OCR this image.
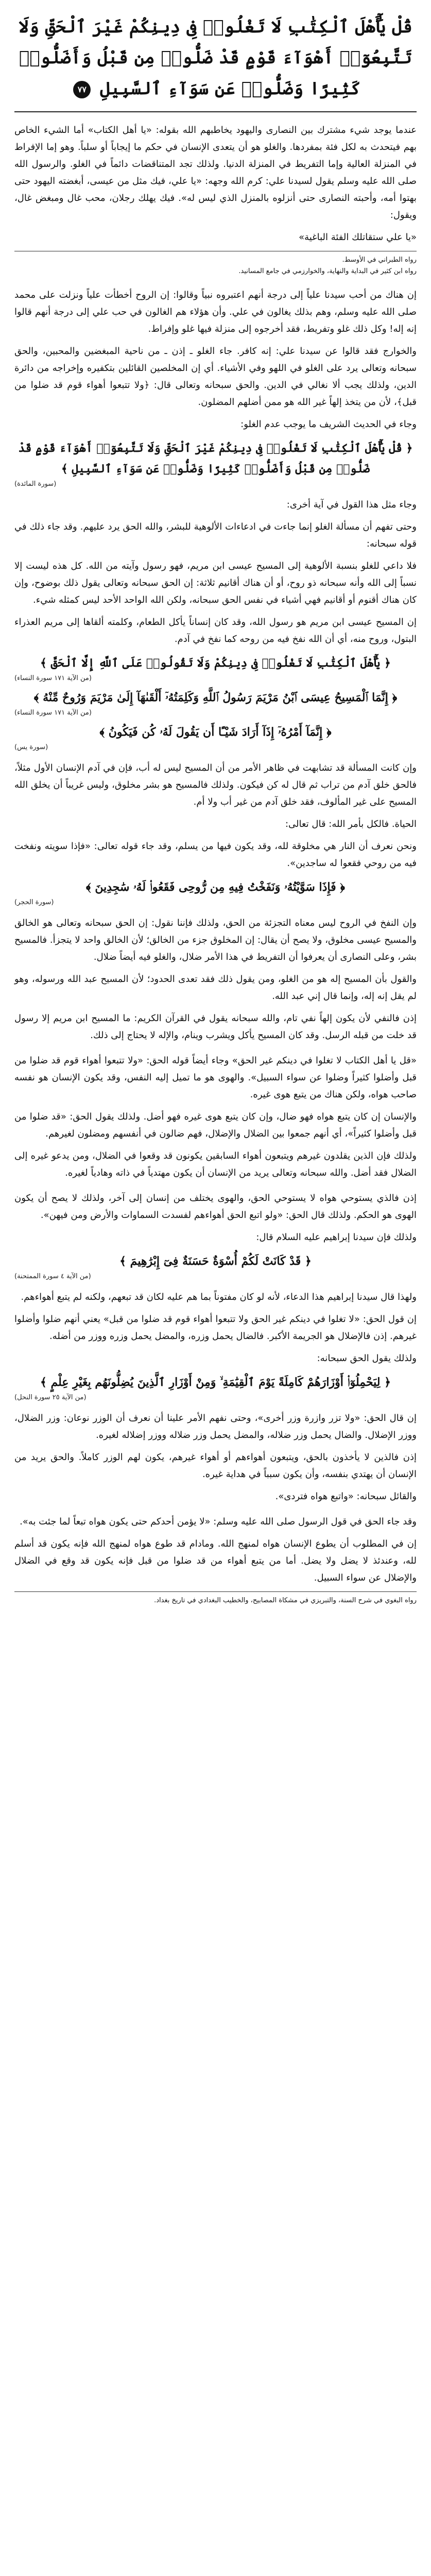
قُلْ يَٰٓأَهْلَ ٱلْكِتَٰبِ لَا تَغْلُوا۟ فِى دِينِكُمْ غَيْرَ ٱلْحَقِّ وَلَا تَتَّبِعُوٓا۟ أَهْوَآءَ قَوْمٍ قَدْ ضَلُّوا۟ مِن قَبْلُ وَأَضَلُّوا۟ كَثِيرًا وَضَلُّوا۟ عَن سَوَآءِ ٱلسَّبِيلِ ٧٧

عندما يوجد شيء مشترك بين النصارى واليهود يخاطبهم الله بقوله: «يا أهل الكتاب» أما الشيء الخاص بهم فيتحدث به لكل فئة بمفردها. والغلو هو أن يتعدى الإنسان في حكم ما إيجاباً أو سلباً. وهو إما الإفراط في المنزلة العالية وإما التفريط في المنزلة الدنيا. ولذلك تجد المتناقضات دائماً في الغلو. والرسول الله صلى الله عليه وسلم يقول لسيدنا علي: كرم الله وجهه: «يا علي، فيك مثل من عيسى، أبغضته اليهود حتى بهتوا أمه، وأحبته النصارى حتى أنزلوه بالمنزل الذي ليس له». فيك يهلك رجلان، محب غال ومبغض غال، ويقول:

«يا علي ستقاتلك الفئة الباغية»

رواه الطبراني في الأوسط.
رواه ابن كثير في البداية والنهاية، والخوارزمي في جامع المسانيد.

إن هناك من أحب سيدنا علياً إلى درجة أنهم اعتبروه نبياً وقالوا: إن الروح أخطأت علياً ونزلت على محمد صلى الله عليه وسلم، وهم بذلك يغالون في علي. وأن هؤلاء هم الغالون في حب علي إلى درجة أنهم قالوا إنه إله! وكل ذلك غلو وتفريط، فقد أخرجوه إلى منزلة فيها غلو وإفراط.

والخوارج فقد قالوا عن سيدنا علي: إنه كافر. جاء الغلو ـ إذن ـ من ناحية المبغضين والمحبين، والحق سبحانه وتعالى يرد على الغلو في اللهو وفي الأشياء. أي إن المخلصين القائلين بتكفيره وإخراجه من دائرة الدين، ولذلك يجب ألا نغالي في الدين. والحق سبحانه وتعالى قال: ﴿ولا تتبعوا أهواء قوم قد ضلوا من قبل﴾، لأن من يتخذ إلهاً غير الله هو ممن أضلهم المضلون.

وجاء في الحديث الشريف ما يوجب عدم الغلو:

﴿ قُلْ يَٰٓأَهْلَ ٱلْكِتَٰبِ لَا تَغْلُوا۟ فِى دِينِكُمْ غَيْرَ ٱلْحَقِّ وَلَا تَتَّبِعُوٓا۟ أَهْوَآءَ قَوْمٍ قَدْ ضَلُّوا۟ مِن قَبْلُ وَأَضَلُّوا۟ كَثِيرًا وَضَلُّوا۟ عَن سَوَآءِ ٱلسَّبِيلِ ﴾
(سورة المائدة)

وجاء مثل هذا القول في آية أخرى:

وحتى تفهم أن مسألة الغلو إنما جاءت في ادعاءات الألوهية للبشر، والله الحق يرد عليهم. وقد جاء ذلك في قوله سبحانه:

فلا داعي للغلو بنسبة الألوهية إلى المسيح عيسى ابن مريم، فهو رسول وآيته من الله. كل هذه ليست إلا نسباً إلى الله وأنه سبحانه ذو روح، أو أن هناك أقانيم ثلاثة: إن الحق سبحانه وتعالى يقول ذلك بوضوح، وإن كان هناك أقنوم أو أقانيم فهي أشياء في نفس الحق سبحانه، ولكن الله الواحد الأحد ليس كمثله شيء.

إن المسيح عيسى ابن مريم هو رسول الله، وقد كان إنساناً يأكل الطعام، وكلمته ألقاها إلى مريم العذراء البتول، وروح منه، أي أن الله نفخ فيه من روحه كما نفخ في آدم.

﴿ يَٰٓأَهْلَ ٱلْكِتَٰبِ لَا تَغْلُوا۟ فِى دِينِكُمْ وَلَا تَقُولُوا۟ عَلَى ٱللَّهِ إِلَّا ٱلْحَقَّ ﴾
(من الآية ١٧١ سورة النساء)
﴿ إِنَّمَا ٱلْمَسِيحُ عِيسَى ٱبْنُ مَرْيَمَ رَسُولُ ٱللَّهِ وَكَلِمَتُهُۥٓ أَلْقَىٰهَآ إِلَىٰ مَرْيَمَ وَرُوحٌ مِّنْهُ ﴾
(من الآية ١٧١ سورة النساء)
﴿ إِنَّمَآ أَمْرُهُۥٓ إِذَآ أَرَادَ شَيْـًٔا أَن يَقُولَ لَهُۥ كُن فَيَكُونُ ﴾
(سورة يس)

وإن كانت المسألة قد تشابهت في ظاهر الأمر من أن المسيح ليس له أب، فإن في آدم الإنسان الأول مثلاً، فالحق خلق آدم من تراب ثم قال له كن فيكون. ولذلك فالمسيح هو بشر مخلوق، وليس غريباً أن يخلق الله المسيح على غير المألوف، فقد خلق آدم من غير أب ولا أم.

الحياة. فالكل بأمر الله: قال تعالى:

ونحن نعرف أن النار هي مخلوقة لله، وقد يكون فيها من يسلم، وقد جاء قوله تعالى: «فإذا سويته ونفخت فيه من روحي فقعوا له ساجدين».

﴿ فَإِذَا سَوَّيْتُهُۥ وَنَفَخْتُ فِيهِ مِن رُّوحِى فَقَعُوا۟ لَهُۥ سَٰجِدِينَ ﴾
(سورة الحجر)

وإن النفخ في الروح ليس معناه التجزئة من الحق، ولذلك فإننا نقول: إن الحق سبحانه وتعالى هو الخالق والمسيح عيسى مخلوق، ولا يصح أن يقال: إن المخلوق جزء من الخالق؛ لأن الخالق واحد لا يتجزأ. فالمسيح بشر، وعلى النصارى أن يعرفوا أن التفريط في هذا الأمر ضلال، والغلو فيه أيضاً ضلال.

والقول بأن المسيح إله هو من الغلو، ومن يقول ذلك فقد تعدى الحدود؛ لأن المسيح عبد الله ورسوله، وهو لم يقل إنه إله، وإنما قال إني عبد الله.

إذن فالنفي لأن يكون إلهاً نفي تام، والله سبحانه يقول في القرآن الكريم: ما المسيح ابن مريم إلا رسول قد خلت من قبله الرسل. وقد كان المسيح يأكل ويشرب وينام، والإله لا يحتاج إلى ذلك.

«قل يا أهل الكتاب لا تغلوا في دينكم غير الحق» وجاء أيضاً قوله الحق: «ولا تتبعوا أهواء قوم قد ضلوا من قبل وأضلوا كثيراً وضلوا عن سواء السبيل». والهوى هو ما تميل إليه النفس، وقد يكون الإنسان هو نفسه صاحب هواه، ولكن هناك من يتبع هوى غيره.

والإنسان إن كان يتبع هواه فهو ضال، وإن كان يتبع هوى غيره فهو أضل. ولذلك يقول الحق: «قد ضلوا من قبل وأضلوا كثيراً»، أي أنهم جمعوا بين الضلال والإضلال، فهم ضالون في أنفسهم ومضلون لغيرهم.

ولذلك فإن الذين يقلدون غيرهم ويتبعون أهواء السابقين يكونون قد وقعوا في الضلال، ومن يدعو غيره إلى الضلال فقد أضل. والله سبحانه وتعالى يريد من الإنسان أن يكون مهتدياً في ذاته وهادياً لغيره.

إذن فالذي يستوحي هواه لا يستوحي الحق، والهوى يختلف من إنسان إلى آخر، ولذلك لا يصح أن يكون الهوى هو الحكم. ولذلك قال الحق: «ولو اتبع الحق أهواءهم لفسدت السماوات والأرض ومن فيهن».

ولذلك فإن سيدنا إبراهيم عليه السلام قال:

﴿ قَدْ كَانَتْ لَكُمْ أُسْوَةٌ حَسَنَةٌ فِىٓ إِبْرَٰهِيمَ ﴾
(من الآية ٤ سورة الممتحنة)

ولهذا قال سيدنا إبراهيم هذا الدعاء، لأنه لو كان مفتوناً بما هم عليه لكان قد تبعهم، ولكنه لم يتبع أهواءهم.

إن قول الحق: «لا تغلوا في دينكم غير الحق ولا تتبعوا أهواء قوم قد ضلوا من قبل» يعني أنهم ضلوا وأضلوا غيرهم. إذن فالإضلال هو الجريمة الأكبر. فالضال يحمل وزره، والمضل يحمل وزره ووزر من أضله.

ولذلك يقول الحق سبحانه:

﴿ لِيَحْمِلُوٓا۟ أَوْزَارَهُمْ كَامِلَةً يَوْمَ ٱلْقِيَٰمَةِ ۙ وَمِنْ أَوْزَارِ ٱلَّذِينَ يُضِلُّونَهُم بِغَيْرِ عِلْمٍ ﴾
(من الآية ٢٥ سورة النحل)

إن قال الحق: «ولا تزر وازرة وزر أخرى»، وحتى نفهم الأمر علينا أن نعرف أن الوزر نوعان: وزر الضلال، ووزر الإضلال. والضال يحمل وزر ضلاله، والمضل يحمل وزر ضلاله ووزر إضلاله لغيره.

إذن فالذين لا يأخذون بالحق، ويتبعون أهواءهم أو أهواء غيرهم، يكون لهم الوزر كاملاً. والحق يريد من الإنسان أن يهتدي بنفسه، وأن يكون سبباً في هداية غيره.

والقائل سبحانه: «واتبع هواه فتردى».

وقد جاء الحق في قول الرسول صلى الله عليه وسلم: «لا يؤمن أحدكم حتى يكون هواه تبعاً لما جئت به».

إن في المطلوب أن يطوع الإنسان هواه لمنهج الله. ومادام قد طوع هواه لمنهج الله فإنه يكون قد أسلم لله، وعندئذ لا يضل ولا يضل. أما من يتبع أهواء من قد ضلوا من قبل فإنه يكون قد وقع في الضلال والإضلال عن سواء السبيل.

رواه البغوي في شرح السنة، والتبريزي في مشكاة المصابيح، والخطيب البغدادي في تاريخ بغداد.
